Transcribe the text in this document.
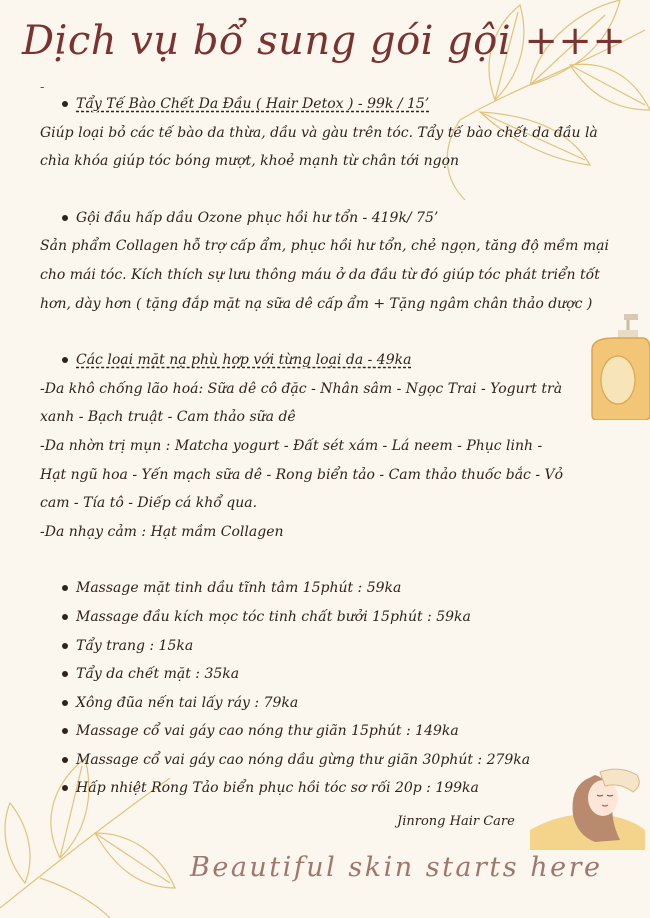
Dịch vụ bổ sung gói gội +++
-
Tẩy Tế Bào Chết Da Đầu ( Hair Detox ) - 99k / 15’
Giúp loại bỏ các tế bào da thừa, dầu và gàu trên tóc. Tẩy tế bào chết da đầu là
chìa khóa giúp tóc bóng mượt, khoẻ mạnh từ chân tới ngọn
Gội đầu hấp dầu Ozone phục hồi hư tổn - 419k/ 75’
Sản phẩm Collagen hỗ trợ cấp ẩm, phục hồi hư tổn, chẻ ngọn, tăng độ mềm mại
cho mái tóc. Kích thích sự lưu thông máu ở da đầu từ đó giúp tóc phát triển tốt
hơn, dày hơn ( tặng đắp mặt nạ sữa dê cấp ẩm + Tặng ngâm chân thảo dược )
Các loại mặt nạ phù hợp với từng loại da - 49ka
-Da khô chống lão hoá: Sữa dê cô đặc - Nhân sâm - Ngọc Trai - Yogurt trà
xanh - Bạch truật - Cam thảo sữa dê
-Da nhờn trị mụn : Matcha yogurt - Đất sét xám - Lá neem - Phục linh -
Hạt ngũ hoa - Yến mạch sữa dê - Rong biển tảo - Cam thảo thuốc bắc - Vỏ
cam - Tía tô - Diếp cá khổ qua.
-Da nhạy cảm : Hạt mầm Collagen
Massage mặt tinh dầu tĩnh tâm 15phút : 59ka
Massage đầu kích mọc tóc tinh chất bưởi 15phút : 59ka
Tẩy trang : 15ka
Tẩy da chết mặt : 35ka
Xông đũa nến tai lấy ráy : 79ka
Massage cổ vai gáy cao nóng thư giãn 15phút : 149ka
Massage cổ vai gáy cao nóng dầu gừng thư giãn 30phút : 279ka
Hấp nhiệt Rong Tảo biển phục hồi tóc sơ rối 20p : 199ka
Jinrong Hair Care
Beautiful skin starts here
